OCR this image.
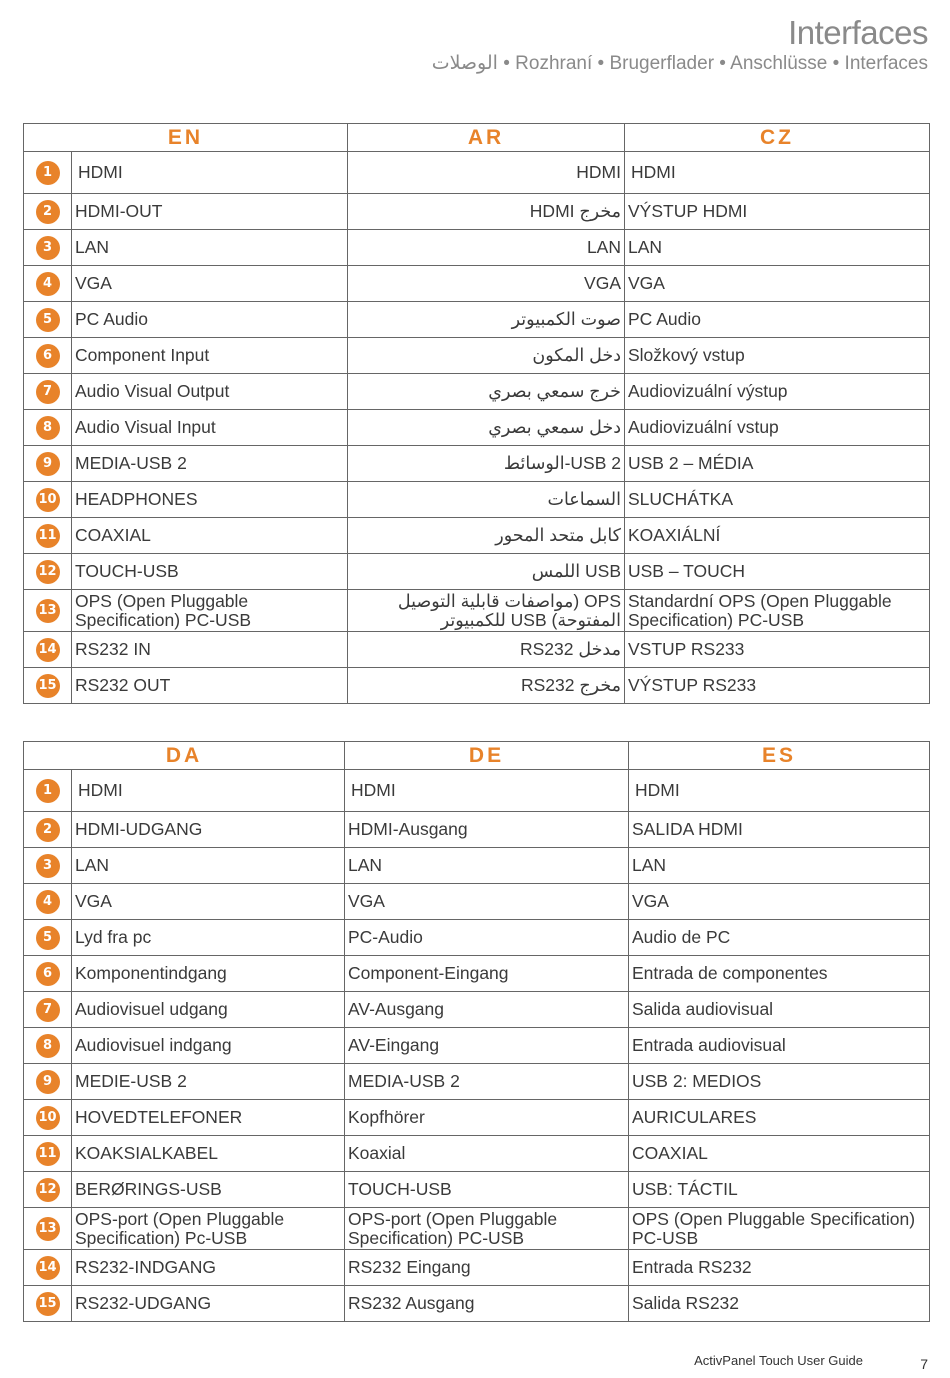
Interfaces
الوصلات • Rozhraní • Brugerflader • Anschlüsse • Interfaces
EN		AR	CZ
1	HDMI	HDMI	HDMI
2	HDMI-OUT	مخرج HDMI	VÝSTUP HDMI
3	LAN	LAN	LAN
4	VGA	VGA	VGA
5	PC Audio	صوت الكمبيوتر	PC Audio
6	Component Input	دخل المكون	Složkový vstup
7	Audio Visual Output	خرج سمعي بصري	Audiovizuální výstup
8	Audio Visual Input	دخل سمعي بصري	Audiovizuální vstup
9	MEDIA-USB 2	USB 2-الوسائط	USB 2 – MÉDIA
10	HEADPHONES	السماعات	SLUCHÁTKA
11	COAXIAL	كابل متحد المحور	KOAXIÁLNÍ
12	TOUCH-USB	USB اللمس	USB – TOUCH
13	OPS (Open Pluggable Specification) PC-USB	OPS (مواصفات قابلية التوصيل المفتوحة) USB للكمبيوتر	Standardní OPS (Open Pluggable Specification) PC-USB
14	RS232 IN	مدخل RS232	VSTUP RS233
15	RS232 OUT	مخرج RS232	VÝSTUP RS233
DA		DE	ES
1	HDMI	HDMI	HDMI
2	HDMI-UDGANG	HDMI-Ausgang	SALIDA HDMI
3	LAN	LAN	LAN
4	VGA	VGA	VGA
5	Lyd fra pc	PC-Audio	Audio de PC
6	Komponentindgang	Component-Eingang	Entrada de componentes
7	Audiovisuel udgang	AV-Ausgang	Salida audiovisual
8	Audiovisuel indgang	AV-Eingang	Entrada audiovisual
9	MEDIE-USB 2	MEDIA-USB 2	USB 2: MEDIOS
10	HOVEDTELEFONER	Kopfhörer	AURICULARES
11	KOAKSIALKABEL	Koaxial	COAXIAL
12	BERØRINGS-USB	TOUCH-USB	USB: TÁCTIL
13	OPS-port (Open Pluggable Specification) Pc-USB	OPS-port (Open Pluggable Specification) PC-USB	OPS (Open Pluggable Specification) PC-USB
14	RS232-INDGANG	RS232 Eingang	Entrada RS232
15	RS232-UDGANG	RS232 Ausgang	Salida RS232
ActivPanel Touch User Guide	7
